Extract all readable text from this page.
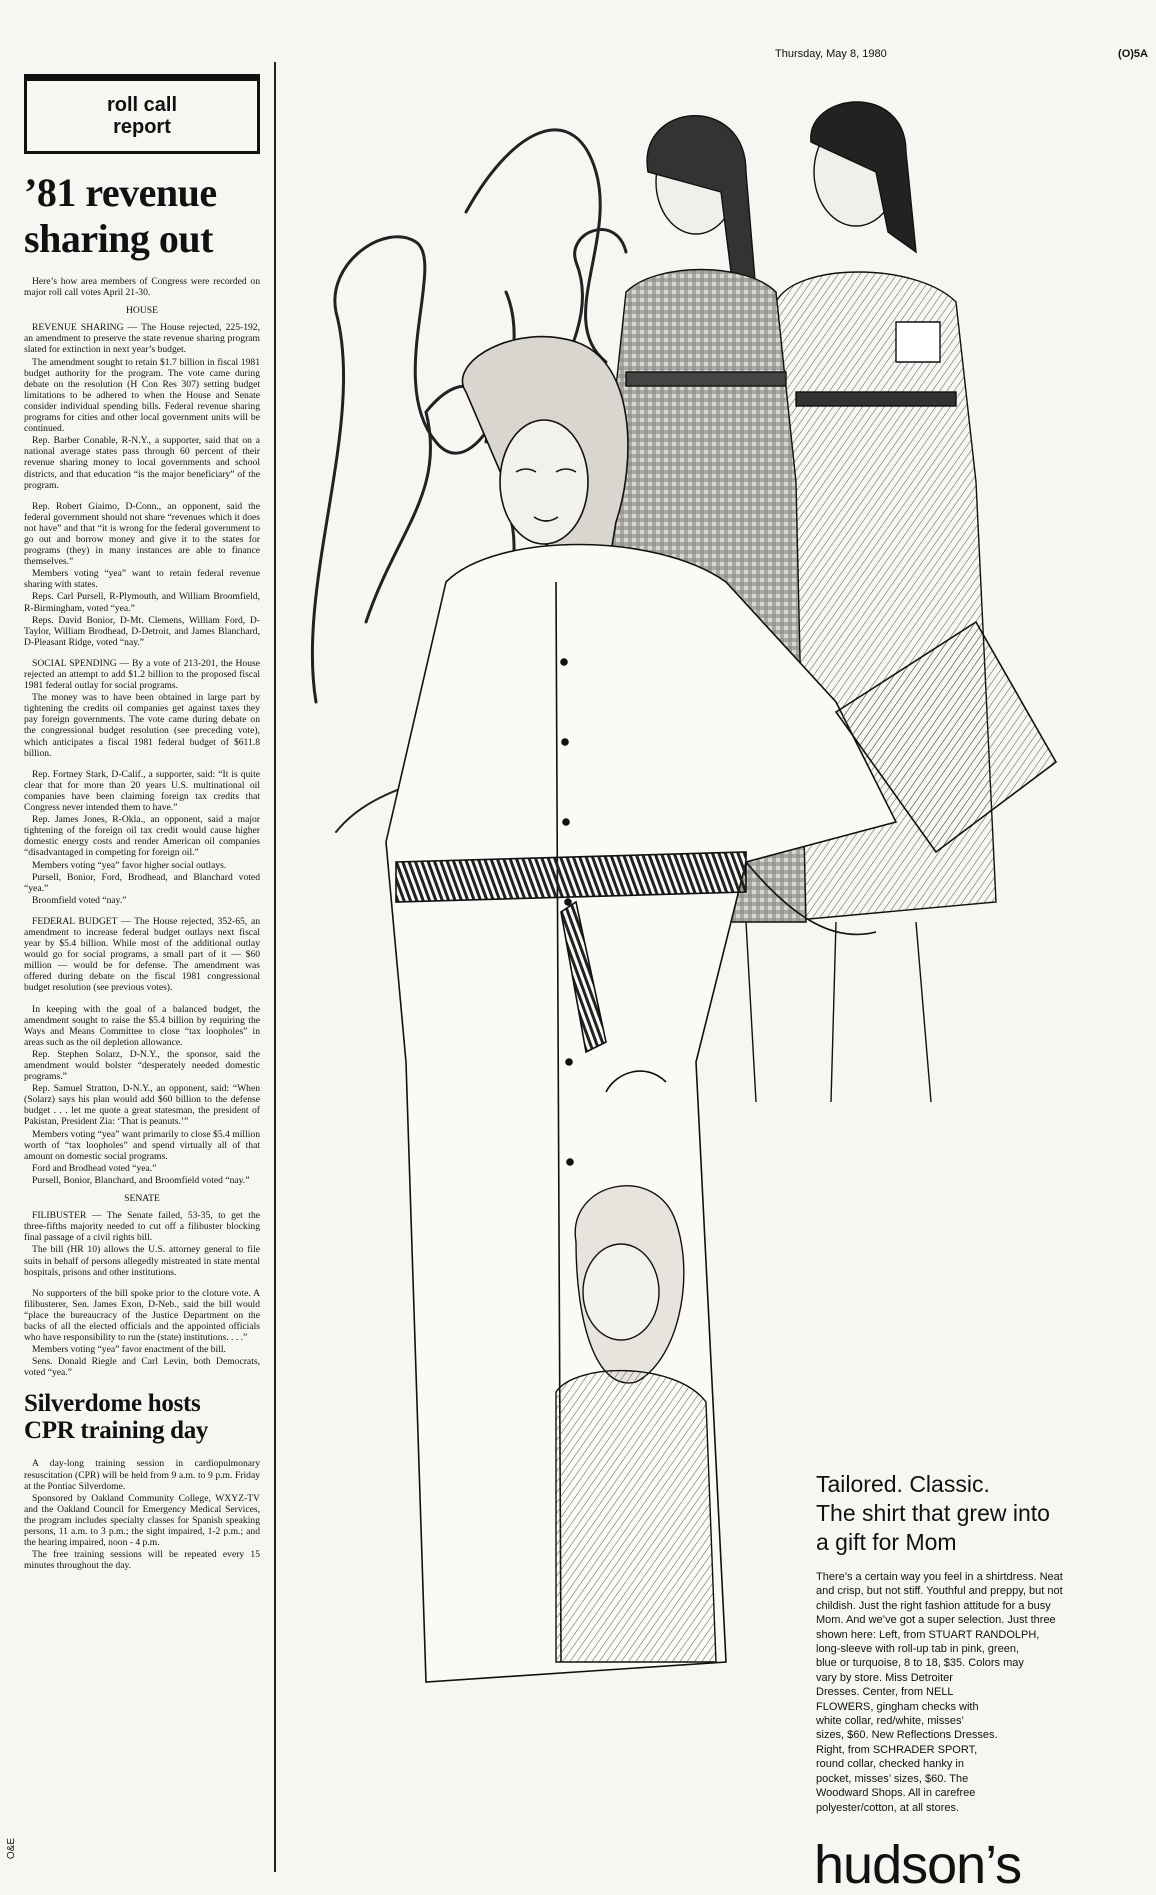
Thursday, May 8, 1980	(O)5A
roll call
report
’81 revenue
sharing out

Here’s how area members of Congress were recorded on major roll call votes April 21-30.

HOUSE

REVENUE SHARING — The House rejected, 225-192, an amendment to preserve the state revenue sharing program slated for extinction in next year’s budget.

The amendment sought to retain $1.7 billion in fiscal 1981 budget authority for the program. The vote came during debate on the resolution (H Con Res 307) setting budget limitations to be adhered to when the House and Senate consider individual spending bills. Federal revenue sharing programs for cities and other local government units will be continued.

Rep. Barber Conable, R-N.Y., a supporter, said that on a national average states pass through 60 percent of their revenue sharing money to local governments and school districts, and that education “is the major beneficiary” of the program.

Rep. Robert Giaimo, D-Conn., an opponent, said the federal government should not share “revenues which it does not have” and that “it is wrong for the federal government to go out and borrow money and give it to the states for programs (they) in many instances are able to finance themselves.”

Members voting “yea” want to retain federal revenue sharing with states.

Reps. Carl Pursell, R-Plymouth, and William Broomfield, R-Birmingham, voted “yea.”

Reps. David Bonior, D-Mt. Clemens, William Ford, D-Taylor, William Brodhead, D-Detroit, and James Blanchard, D-Pleasant Ridge, voted “nay.”

SOCIAL SPENDING — By a vote of 213-201, the House rejected an attempt to add $1.2 billion to the proposed fiscal 1981 federal outlay for social programs.

The money was to have been obtained in large part by tightening the credits oil companies get against taxes they pay foreign governments. The vote came during debate on the congressional budget resolution (see preceding vote), which anticipates a fiscal 1981 federal budget of $611.8 billion.

Rep. Fortney Stark, D-Calif., a supporter, said: “It is quite clear that for more than 20 years U.S. multinational oil companies have been claiming foreign tax credits that Congress never intended them to have.”

Rep. James Jones, R-Okla., an opponent, said a major tightening of the foreign oil tax credit would cause higher domestic energy costs and render American oil companies “disadvantaged in competing for foreign oil.”

Members voting “yea” favor higher social outlays.

Pursell, Bonior, Ford, Brodhead, and Blanchard voted “yea.”

Broomfield voted “nay.”

FEDERAL BUDGET — The House rejected, 352-65, an amendment to increase federal budget outlays next fiscal year by $5.4 billion. While most of the additional outlay would go for social programs, a small part of it — $60 million — would be for defense. The amendment was offered during debate on the fiscal 1981 congressional budget resolution (see previous votes).

In keeping with the goal of a balanced budget, the amendment sought to raise the $5.4 billion by requiring the Ways and Means Committee to close “tax loopholes” in areas such as the oil depletion allowance.

Rep. Stephen Solarz, D-N.Y., the sponsor, said the amendment would bolster “desperately needed domestic programs.”

Rep. Samuel Stratton, D-N.Y., an opponent, said: “When (Solarz) says his plan would add $60 billion to the defense budget . . . let me quote a great statesman, the president of Pakistan, President Zia: ‘That is peanuts.’”

Members voting “yea” want primarily to close $5.4 million worth of “tax loopholes” and spend virtually all of that amount on domestic social programs.

Ford and Brodhead voted “yea.”

Pursell, Bonior, Blanchard, and Broomfield voted “nay.”

SENATE

FILIBUSTER — The Senate failed, 53-35, to get the three-fifths majority needed to cut off a filibuster blocking final passage of a civil rights bill.

The bill (HR 10) allows the U.S. attorney general to file suits in behalf of persons allegedly mistreated in state mental hospitals, prisons and other institutions.

No supporters of the bill spoke prior to the cloture vote. A filibusterer, Sen. James Exon, D-Neb., said the bill would “place the bureaucracy of the Justice Department on the backs of all the elected officials and the appointed officials who have responsibility to run the (state) institutions. . . .”

Members voting “yea” favor enactment of the bill.

Sens. Donald Riegle and Carl Levin, both Democrats, voted “yea.”

Silverdome hosts
CPR training day

A day-long training session in cardiopulmonary resuscitation (CPR) will be held from 9 a.m. to 9 p.m. Friday at the Pontiac Silverdome.

Sponsored by Oakland Community College, WXYZ-TV and the Oakland Council for Emergency Medical Services, the program includes specialty classes for Spanish speaking persons, 11 a.m. to 3 p.m.; the sight impaired, 1-2 p.m.; and the hearing impaired, noon - 4 p.m.

The free training sessions will be repeated every 15 minutes throughout the day.

O&E
Tailored. Classic.
The shirt that grew into
a gift for Mom
There’s a certain way you feel in a shirtdress. Neat
and crisp, but not stiff. Youthful and preppy, but not
childish. Just the right fashion attitude for a busy
Mom. And we’ve got a super selection. Just three
shown here: Left, from STUART RANDOLPH,
long-sleeve with roll-up tab in pink, green,
blue or turquoise, 8 to 18, $35. Colors may
vary by store. Miss Detroiter
Dresses. Center, from NELL
FLOWERS, gingham checks with
white collar, red/white, misses’
sizes, $60. New Reflections Dresses.
Right, from SCHRADER SPORT,
round collar, checked hanky in
pocket, misses’ sizes, $60. The
Woodward Shops. All in carefree
polyester/cotton, at all stores.
hudson’s
